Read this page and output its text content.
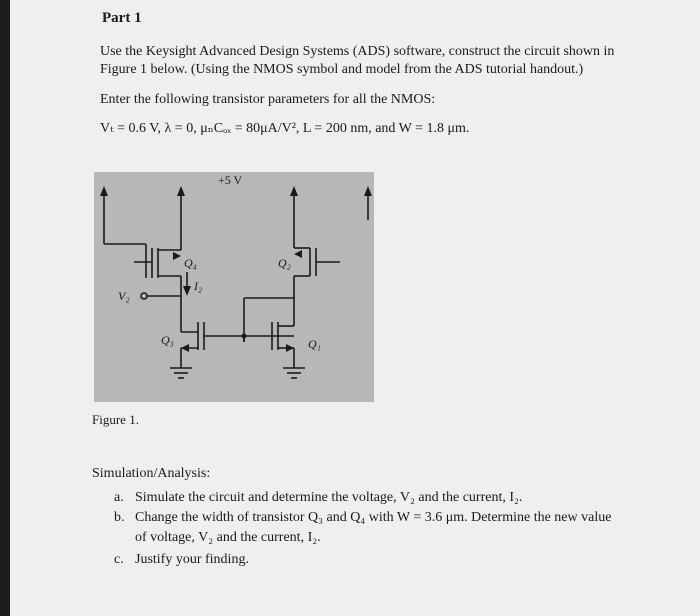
Part 1
Use the Keysight Advanced Design Systems (ADS) software, construct the circuit shown in
Figure 1 below. (Using the NMOS symbol and model from the ADS tutorial handout.)
Enter the following transistor parameters for all the NMOS:
Vₜ = 0.6 V, λ = 0, μₙCₒₓ = 80μA/V², L = 200 nm, and W = 1.8 μm.
+5 V
Q₄	Q₂
Q₃	Q₁
I₂
V₂
Figure 1.
Simulation/Analysis:
a. Simulate the circuit and determine the voltage, V₂ and the current, I₂.
b. Change the width of transistor Q₃ and Q₄ with W = 3.6 μm. Determine the new value
of voltage, V₂ and the current, I₂.
c. Justify your finding.
